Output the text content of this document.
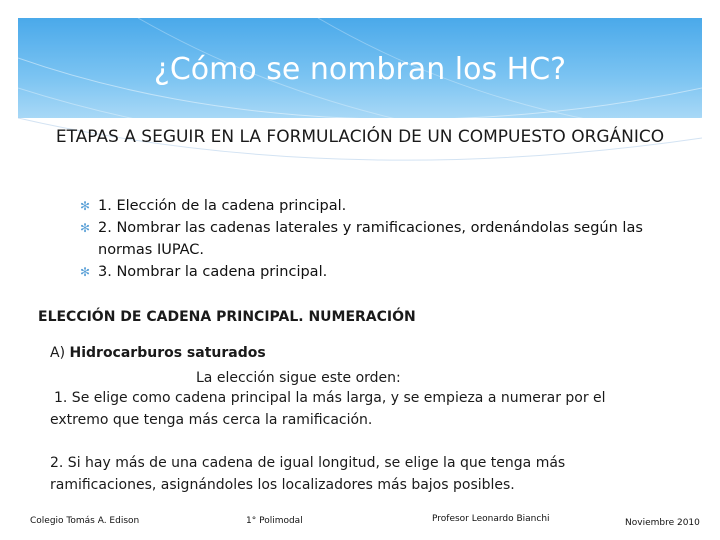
¿Cómo se nombran los HC?
ETAPAS A SEGUIR EN LA FORMULACIÓN DE UN COMPUESTO ORGÁNICO
✻ 1. Elección de la cadena principal.
✻ 2. Nombrar las cadenas laterales y ramificaciones, ordenándolas según las normas IUPAC.
✻ 3. Nombrar la cadena principal.
ELECCIÓN DE CADENA PRINCIPAL. NUMERACIÓN
A) Hidrocarburos saturados
La elección sigue este orden:
1. Se elige como cadena principal la más larga, y se empieza a numerar por el extremo que tenga más cerca la ramificación.
2. Si hay más de una cadena de igual longitud, se elige la que tenga más ramificaciones, asignándoles los localizadores más bajos posibles.
Colegio Tomás A. Edison	1° Polimodal	Profesor Leonardo Bianchi	Noviembre 2010
